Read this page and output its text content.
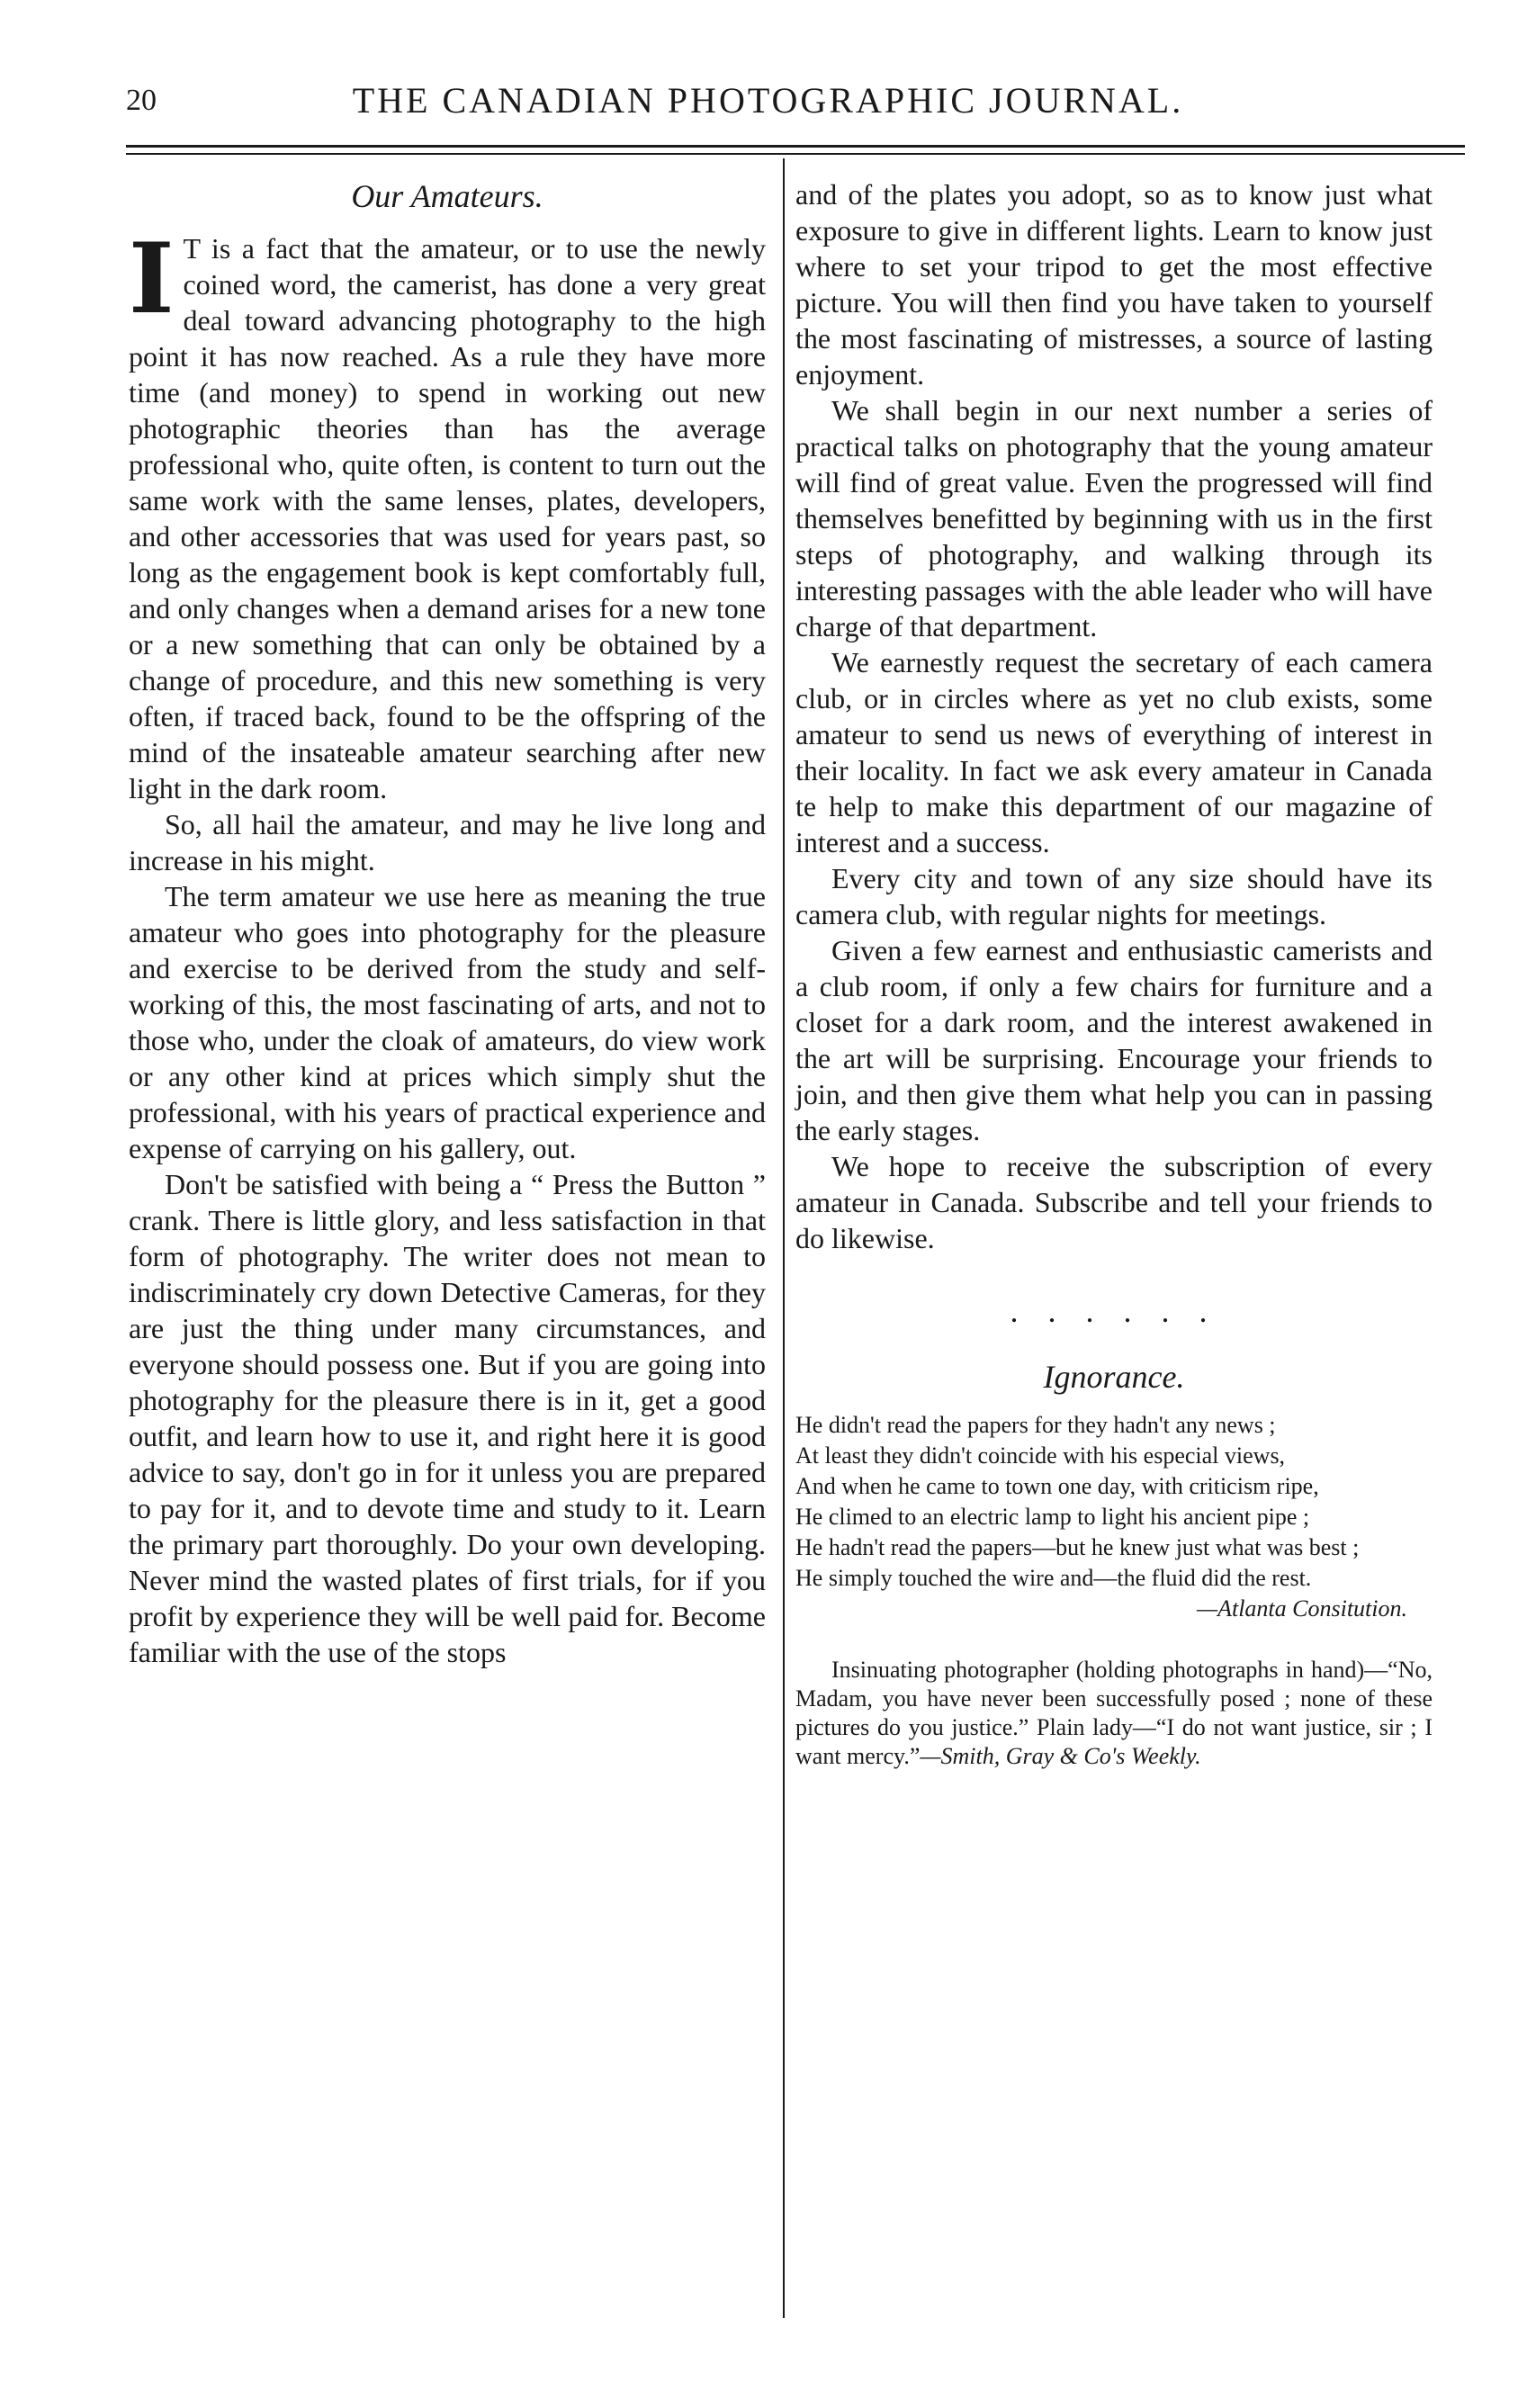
20	THE CANADIAN PHOTOGRAPHIC JOURNAL.
Our Amateurs.

I T is a fact that the amateur, or to use the newly coined word, the camerist, has done a very great deal toward advancing photography to the high point it has now reached. As a rule they have more time (and money) to spend in working out new photographic theories than has the average professional who, quite often, is content to turn out the same work with the same lenses, plates, developers, and other accessories that was used for years past, so long as the engagement book is kept comfortably full, and only changes when a demand arises for a new tone or a new something that can only be obtained by a change of procedure, and this new something is very often, if traced back, found to be the offspring of the mind of the insateable amateur searching after new light in the dark room.

So, all hail the amateur, and may he live long and increase in his might.

The term amateur we use here as meaning the true amateur who goes into photography for the pleasure and exercise to be derived from the study and self-working of this, the most fascinating of arts, and not to those who, under the cloak of amateurs, do view work or any other kind at prices which simply shut the professional, with his years of practical experience and expense of carrying on his gallery, out.

Don't be satisfied with being a “ Press the Button ” crank. There is little glory, and less satisfaction in that form of photography. The writer does not mean to indiscriminately cry down Detective Cameras, for they are just the thing under many circumstances, and everyone should possess one. But if you are going into photography for the pleasure there is in it, get a good outfit, and learn how to use it, and right here it is good advice to say, don't go in for it unless you are prepared to pay for it, and to devote time and study to it. Learn the primary part thoroughly. Do your own developing. Never mind the wasted plates of first trials, for if you profit by experience they will be well paid for. Become familiar with the use of the stops

and of the plates you adopt, so as to know just what exposure to give in different lights. Learn to know just where to set your tripod to get the most effective picture. You will then find you have taken to yourself the most fascinating of mistresses, a source of lasting enjoyment.

We shall begin in our next number a series of practical talks on photography that the young amateur will find of great value. Even the progressed will find themselves benefitted by beginning with us in the first steps of photography, and walking through its interesting passages with the able leader who will have charge of that department.

We earnestly request the secretary of each camera club, or in circles where as yet no club exists, some amateur to send us news of everything of interest in their locality. In fact we ask every amateur in Canada te help to make this department of our magazine of interest and a success.

Every city and town of any size should have its camera club, with regular nights for meetings.

Given a few earnest and enthusiastic camerists and a club room, if only a few chairs for furniture and a closet for a dark room, and the interest awakened in the art will be surprising. Encourage your friends to join, and then give them what help you can in passing the early stages.

We hope to receive the subscription of every amateur in Canada. Subscribe and tell your friends to do likewise.

. . . . . .
Ignorance.

He didn't read the papers for they hadn't any news ;

At least they didn't coincide with his especial views,

And when he came to town one day, with criticism ripe,

He climed to an electric lamp to light his ancient pipe ;

He hadn't read the papers—but he knew just what was best ;

He simply touched the wire and—the fluid did the rest.

—Atlanta Consitution.

Insinuating photographer (holding photographs in hand)—“No, Madam, you have never been successfully posed ; none of these pictures do you justice.” Plain lady—“I do not want justice, sir ; I want mercy.”—Smith, Gray & Co's Weekly.
